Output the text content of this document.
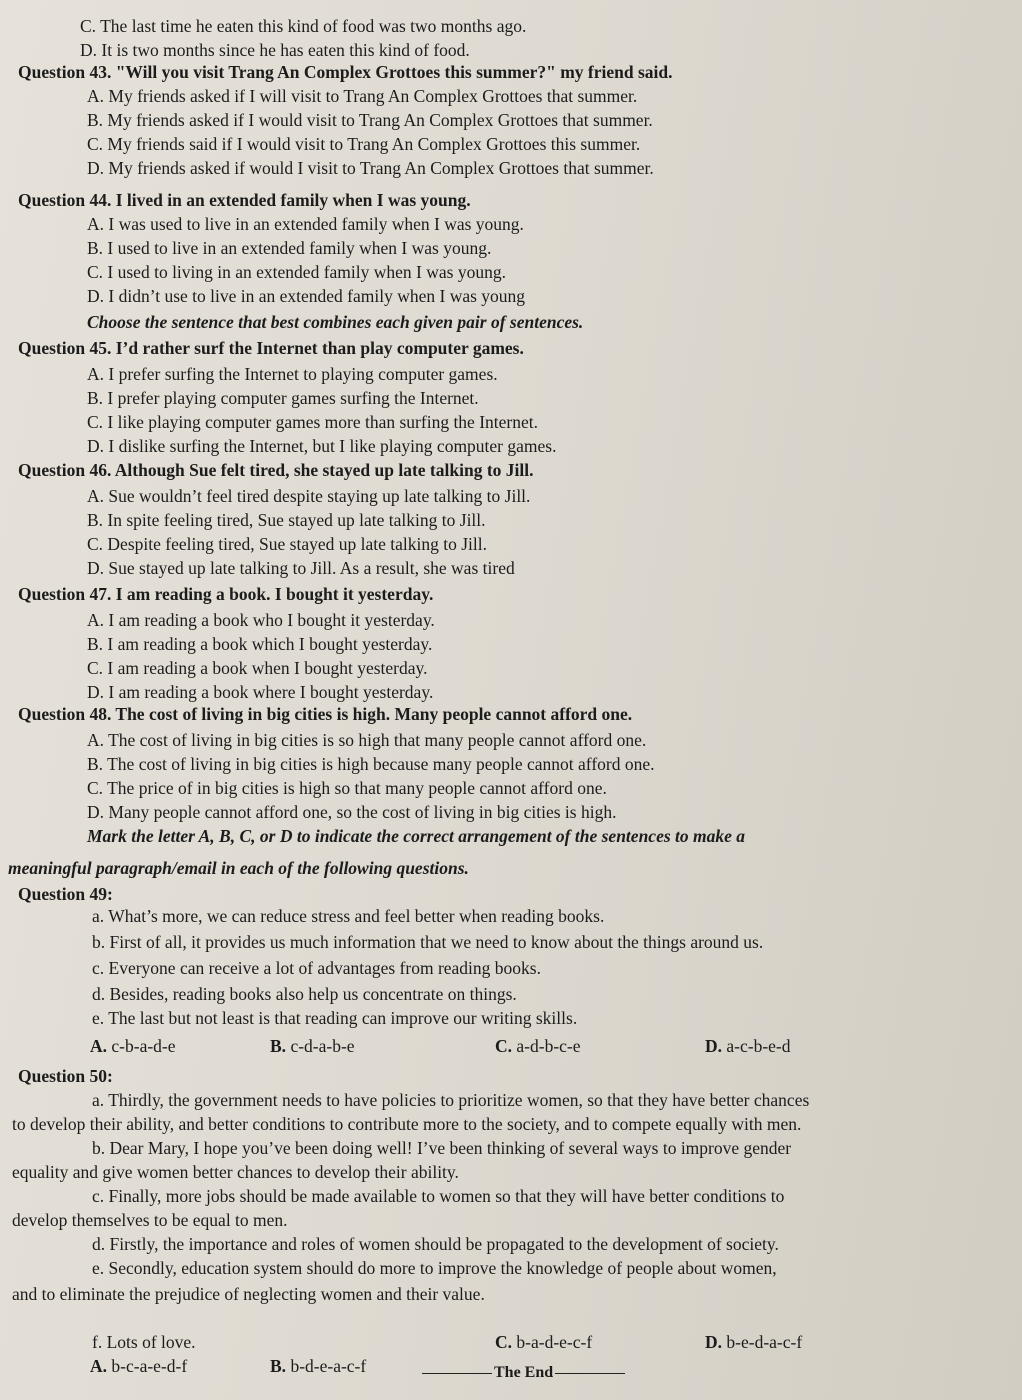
C. The last time he eaten this kind of food was two months ago.
D. It is two months since he has eaten this kind of food.
Question 43. "Will you visit Trang An Complex Grottoes this summer?" my friend said.
A. My friends asked if I will visit to Trang An Complex Grottoes that summer.
B. My friends asked if I would visit to Trang An Complex Grottoes that summer.
C. My friends said if I would visit to Trang An Complex Grottoes this summer.
D. My friends asked if would I visit to Trang An Complex Grottoes that summer.
Question 44. I lived in an extended family when I was young.
A. I was used to live in an extended family when I was young.
B. I used to live in an extended family when I was young.
C. I used to living in an extended family when I was young.
D. I didn’t use to live in an extended family when I was young
Choose the sentence that best combines each given pair of sentences.
Question 45. I’d rather surf the Internet than play computer games.
A. I prefer surfing the Internet to playing computer games.
B. I prefer playing computer games surfing the Internet.
C. I like playing computer games more than surfing the Internet.
D. I dislike surfing the Internet, but I like playing computer games.
Question 46. Although Sue felt tired, she stayed up late talking to Jill.
A. Sue wouldn’t feel tired despite staying up late talking to Jill.
B. In spite feeling tired, Sue stayed up late talking to Jill.
C. Despite feeling tired, Sue stayed up late talking to Jill.
D. Sue stayed up late talking to Jill. As a result, she was tired
Question 47. I am reading a book. I bought it yesterday.
A. I am reading a book who I bought it yesterday.
B. I am reading a book which I bought yesterday.
C. I am reading a book when I bought yesterday.
D. I am reading a book where I bought yesterday.
Question 48. The cost of living in big cities is high. Many people cannot afford one.
A. The cost of living in big cities is so high that many people cannot afford one.
B. The cost of living in big cities is high because many people cannot afford one.
C. The price of in big cities is high so that many people cannot afford one.
D. Many people cannot afford one, so the cost of living in big cities is high.
Mark the letter A, B, C, or D to indicate the correct arrangement of the sentences to make a
meaningful paragraph/email in each of the following questions.
Question 49:
a. What’s more, we can reduce stress and feel better when reading books.
b. First of all, it provides us much information that we need to know about the things around us.
c. Everyone can receive a lot of advantages from reading books.
d. Besides, reading books also help us concentrate on things.
e. The last but not least is that reading can improve our writing skills.
Question 50:
a. Thirdly, the government needs to have policies to prioritize women, so that they have better chances
to develop their ability, and better conditions to contribute more to the society, and to compete equally with men.
b. Dear Mary, I hope you’ve been doing well! I’ve been thinking of several ways to improve gender
equality and give women better chances to develop their ability.
c. Finally, more jobs should be made available to women so that they will have better conditions to
develop themselves to be equal to men.
d. Firstly, the importance and roles of women should be propagated to the development of society.
e. Secondly, education system should do more to improve the knowledge of people about women,
and to eliminate the prejudice of neglecting women and their value.
f. Lots of love.
A. c-b-a-d-e	B. c-d-a-b-e	C. a-d-b-c-e	D. a-c-b-e-d
C. b-a-d-e-c-f	D. b-e-d-a-c-f
A. b-c-a-e-d-f	B. b-d-e-a-c-f	The End
